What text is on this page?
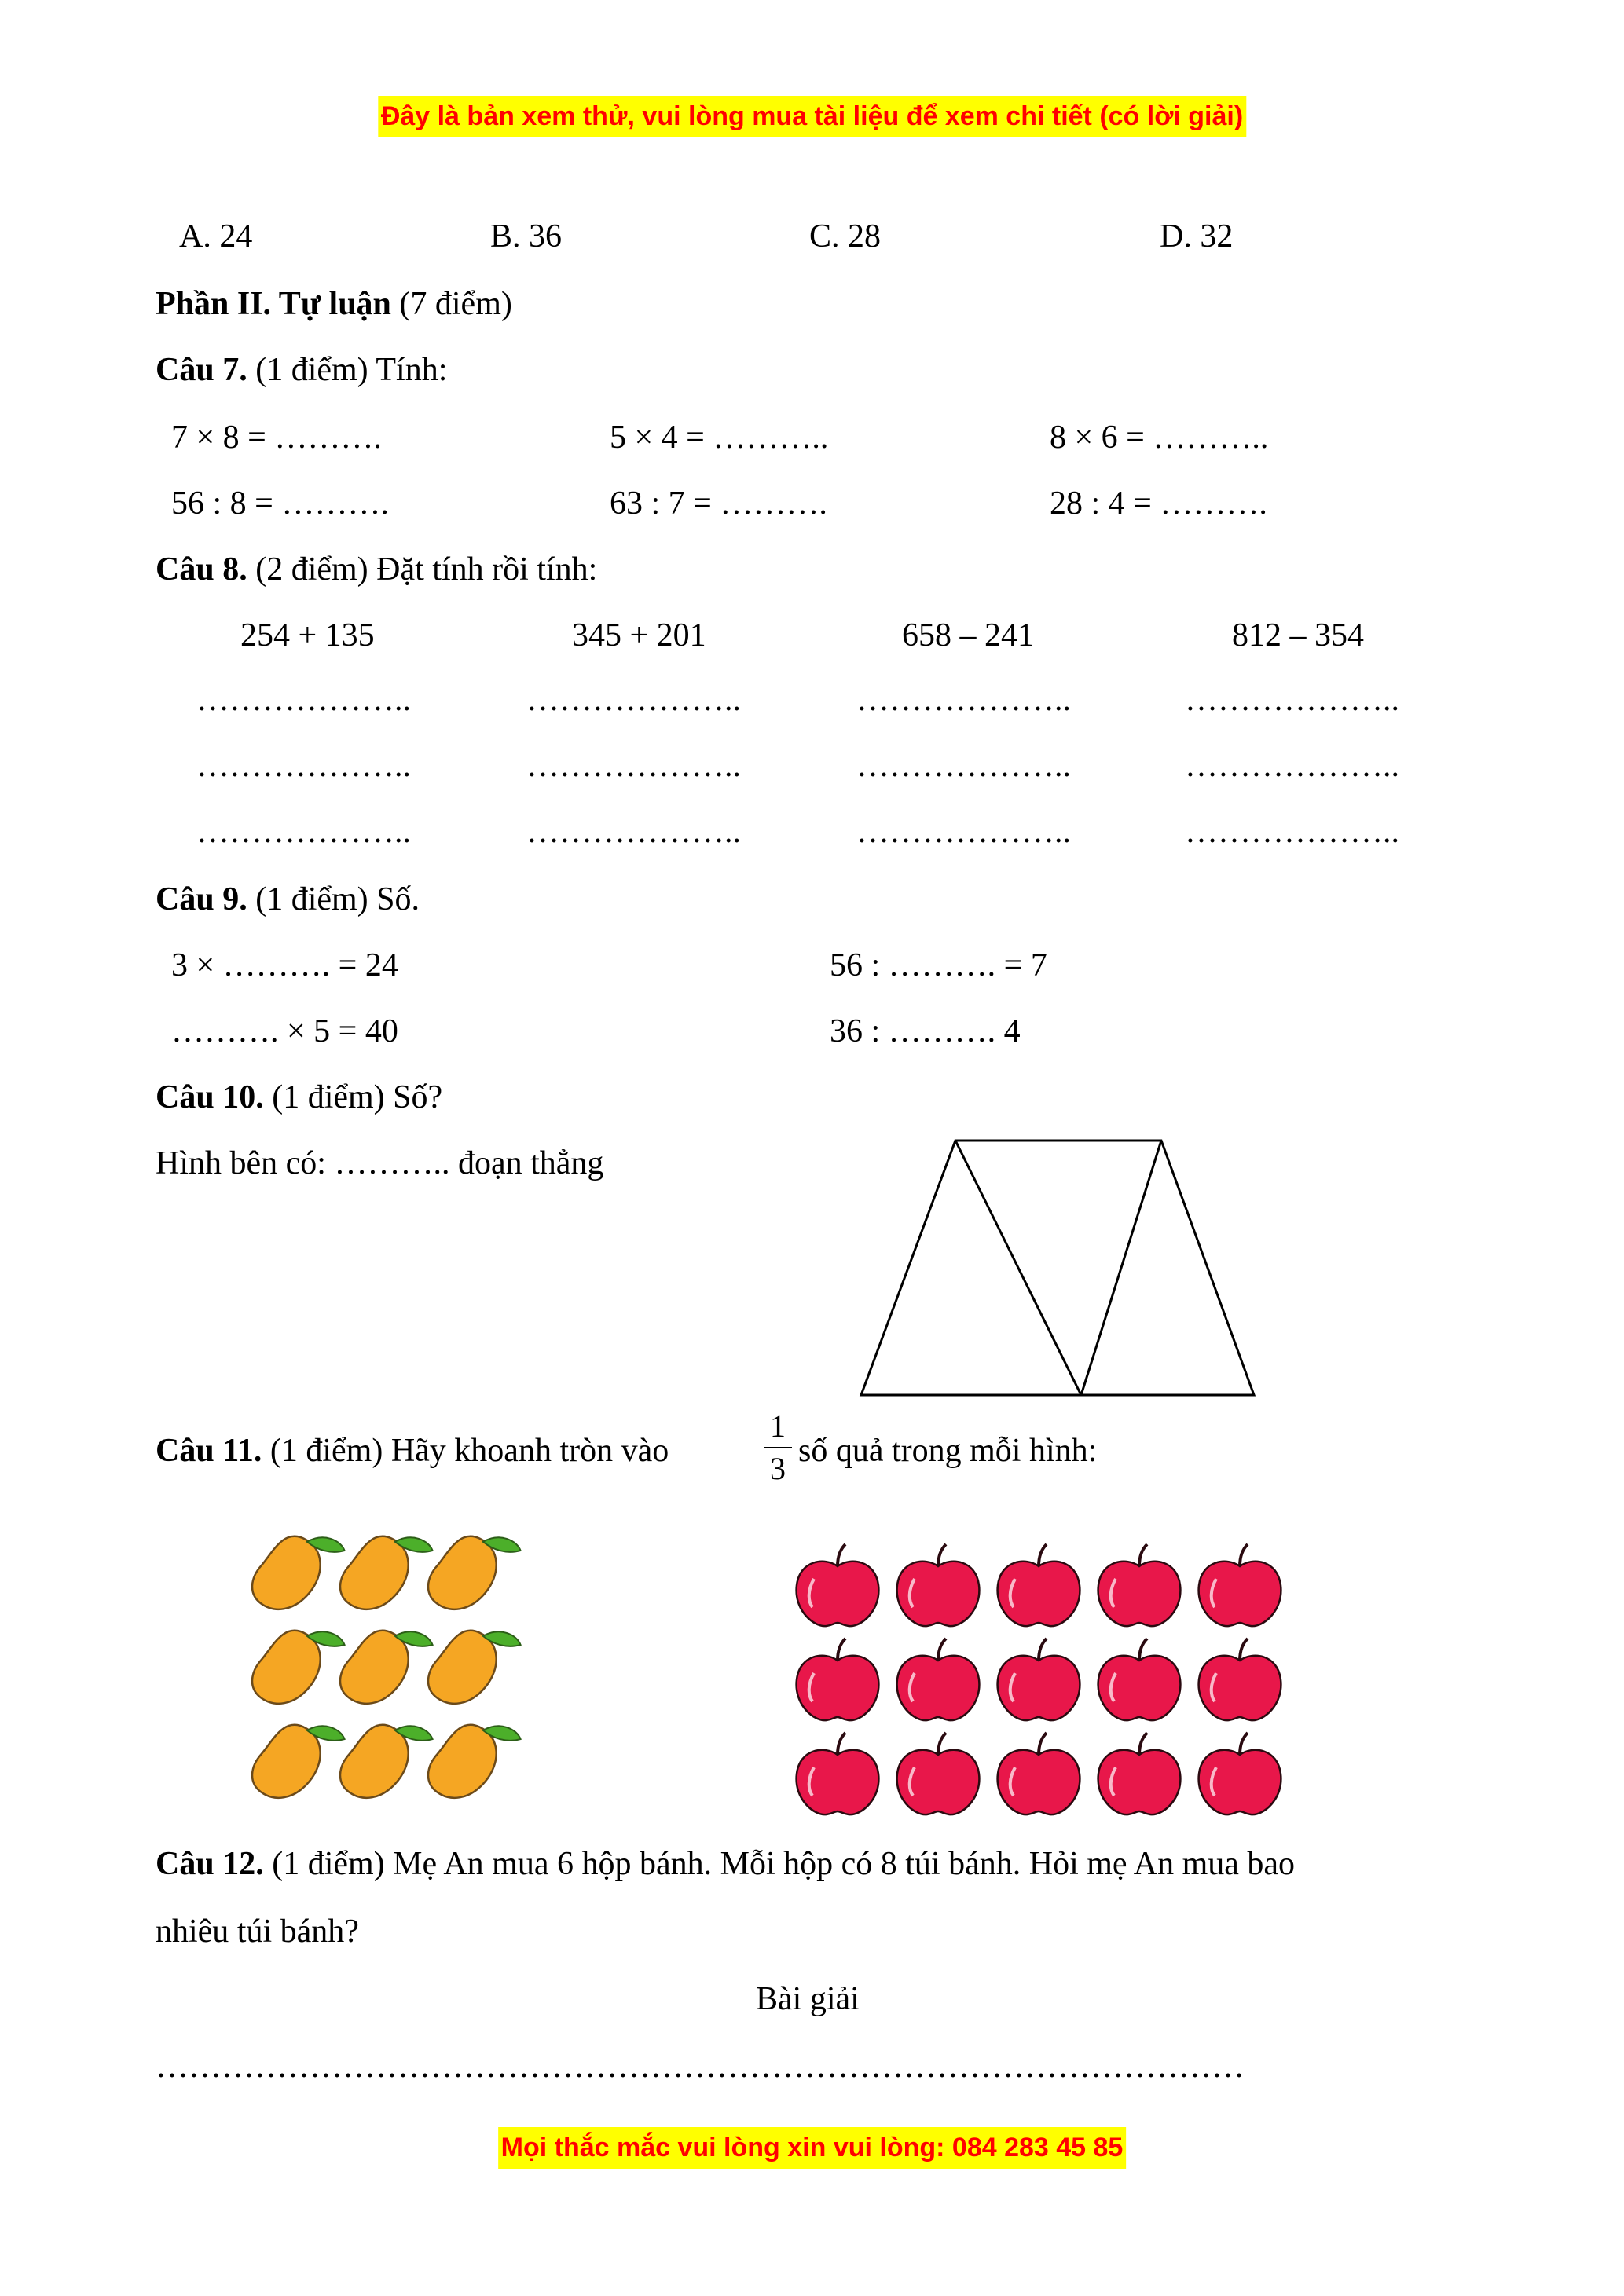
Đây là bản xem thử, vui lòng mua tài liệu để xem chi tiết (có lời giải)
A. 24	B. 36	C. 28	D. 32
Phần II. Tự luận (7 điểm)
Câu 7. (1 điểm) Tính:
7 × 8 = ……….	5 × 4 = ………..	8 × 6 = ………..
56 : 8 = ……….	63 : 7 = ……….	28 : 4 = ……….
Câu 8. (2 điểm) Đặt tính rồi tính:
254 + 135	345 + 201	658 – 241	812 – 354
………………..	………………..	………………..	………………..
………………..	………………..	………………..	………………..
………………..	………………..	………………..	………………..
Câu 9. (1 điểm) Số.
3 × ………. = 24	56 : ………. = 7
………. × 5 = 40	36 : ………. 4
Câu 10. (1 điểm) Số?
Hình bên có: ……….. đoạn thẳng
Câu 11. (1 điểm) Hãy khoanh tròn vào
1
3 số quả trong mỗi hình:
Câu 12. (1 điểm) Mẹ An mua 6 hộp bánh. Mỗi hộp có 8 túi bánh. Hỏi mẹ An mua bao
nhiêu túi bánh?
Bài giải
………………………………………………………………………………………
Mọi thắc mắc vui lòng xin vui lòng: 084 283 45 85
